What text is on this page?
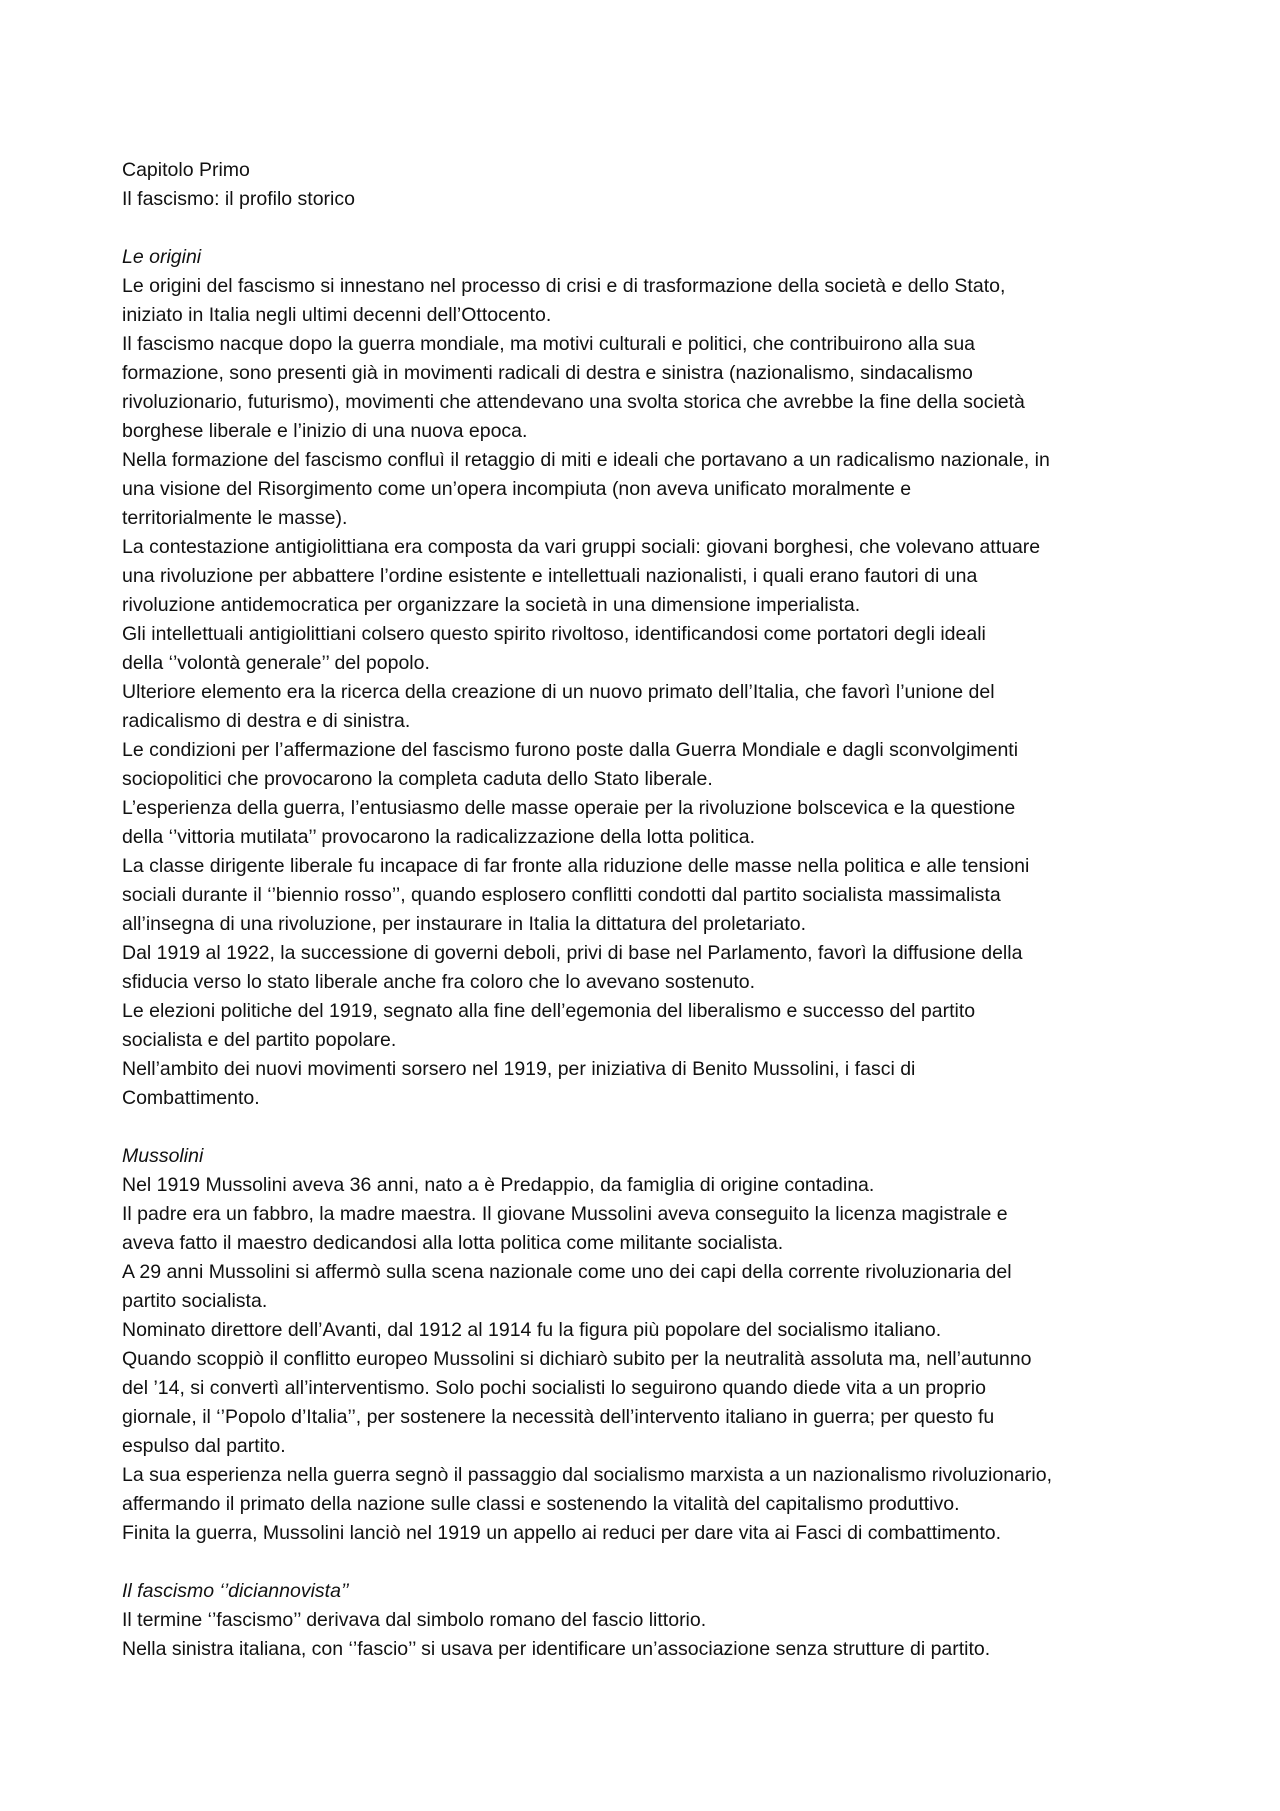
Capitolo Primo
Il fascismo: il profilo storico
Le origini
Le origini del fascismo si innestano nel processo di crisi e di trasformazione della società e dello Stato,
iniziato in Italia negli ultimi decenni dell’Ottocento.
Il fascismo nacque dopo la guerra mondiale, ma motivi culturali e politici, che contribuirono alla sua
formazione, sono presenti già in movimenti radicali di destra e sinistra (nazionalismo, sindacalismo
rivoluzionario, futurismo), movimenti che attendevano una svolta storica che avrebbe la fine della società
borghese liberale e l’inizio di una nuova epoca.
Nella formazione del fascismo confluì il retaggio di miti e ideali che portavano a un radicalismo nazionale, in
una visione del Risorgimento come un’opera incompiuta (non aveva unificato moralmente e
territorialmente le masse).
La contestazione antigiolittiana era composta da vari gruppi sociali: giovani borghesi, che volevano attuare
una rivoluzione per abbattere l’ordine esistente e intellettuali nazionalisti, i quali erano fautori di una
rivoluzione antidemocratica per organizzare la società in una dimensione imperialista.
Gli intellettuali antigiolittiani colsero questo spirito rivoltoso, identificandosi come portatori degli ideali
della ‘’volontà generale’’ del popolo.
Ulteriore elemento era la ricerca della creazione di un nuovo primato dell’Italia, che favorì l’unione del
radicalismo di destra e di sinistra.
Le condizioni per l’affermazione del fascismo furono poste dalla Guerra Mondiale e dagli sconvolgimenti
sociopolitici che provocarono la completa caduta dello Stato liberale.
L’esperienza della guerra, l’entusiasmo delle masse operaie per la rivoluzione bolscevica e la questione
della ‘’vittoria mutilata’’ provocarono la radicalizzazione della lotta politica.
La classe dirigente liberale fu incapace di far fronte alla riduzione delle masse nella politica e alle tensioni
sociali durante il ‘’biennio rosso’’, quando esplosero conflitti condotti dal partito socialista massimalista
all’insegna di una rivoluzione, per instaurare in Italia la dittatura del proletariato.
Dal 1919 al 1922, la successione di governi deboli, privi di base nel Parlamento, favorì la diffusione della
sfiducia verso lo stato liberale anche fra coloro che lo avevano sostenuto.
Le elezioni politiche del 1919, segnato alla fine dell’egemonia del liberalismo e successo del partito
socialista e del partito popolare.
Nell’ambito dei nuovi movimenti sorsero nel 1919, per iniziativa di Benito Mussolini, i fasci di
Combattimento.
Mussolini
Nel 1919 Mussolini aveva 36 anni, nato a è Predappio, da famiglia di origine contadina.
Il padre era un fabbro, la madre maestra. Il giovane Mussolini aveva conseguito la licenza magistrale e
aveva fatto il maestro dedicandosi alla lotta politica come militante socialista.
A 29 anni Mussolini si affermò sulla scena nazionale come uno dei capi della corrente rivoluzionaria del
partito socialista.
Nominato direttore dell’Avanti, dal 1912 al 1914 fu la figura più popolare del socialismo italiano.
Quando scoppiò il conflitto europeo Mussolini si dichiarò subito per la neutralità assoluta ma, nell’autunno
del ’14, si convertì all’interventismo. Solo pochi socialisti lo seguirono quando diede vita a un proprio
giornale, il ‘’Popolo d’Italia’’, per sostenere la necessità dell’intervento italiano in guerra; per questo fu
espulso dal partito.
La sua esperienza nella guerra segnò il passaggio dal socialismo marxista a un nazionalismo rivoluzionario,
affermando il primato della nazione sulle classi e sostenendo la vitalità del capitalismo produttivo.
Finita la guerra, Mussolini lanciò nel 1919 un appello ai reduci per dare vita ai Fasci di combattimento.
Il fascismo ‘’diciannovista’’
Il termine ‘’fascismo’’ derivava dal simbolo romano del fascio littorio.
Nella sinistra italiana, con ‘’fascio’’ si usava per identificare un’associazione senza strutture di partito.
